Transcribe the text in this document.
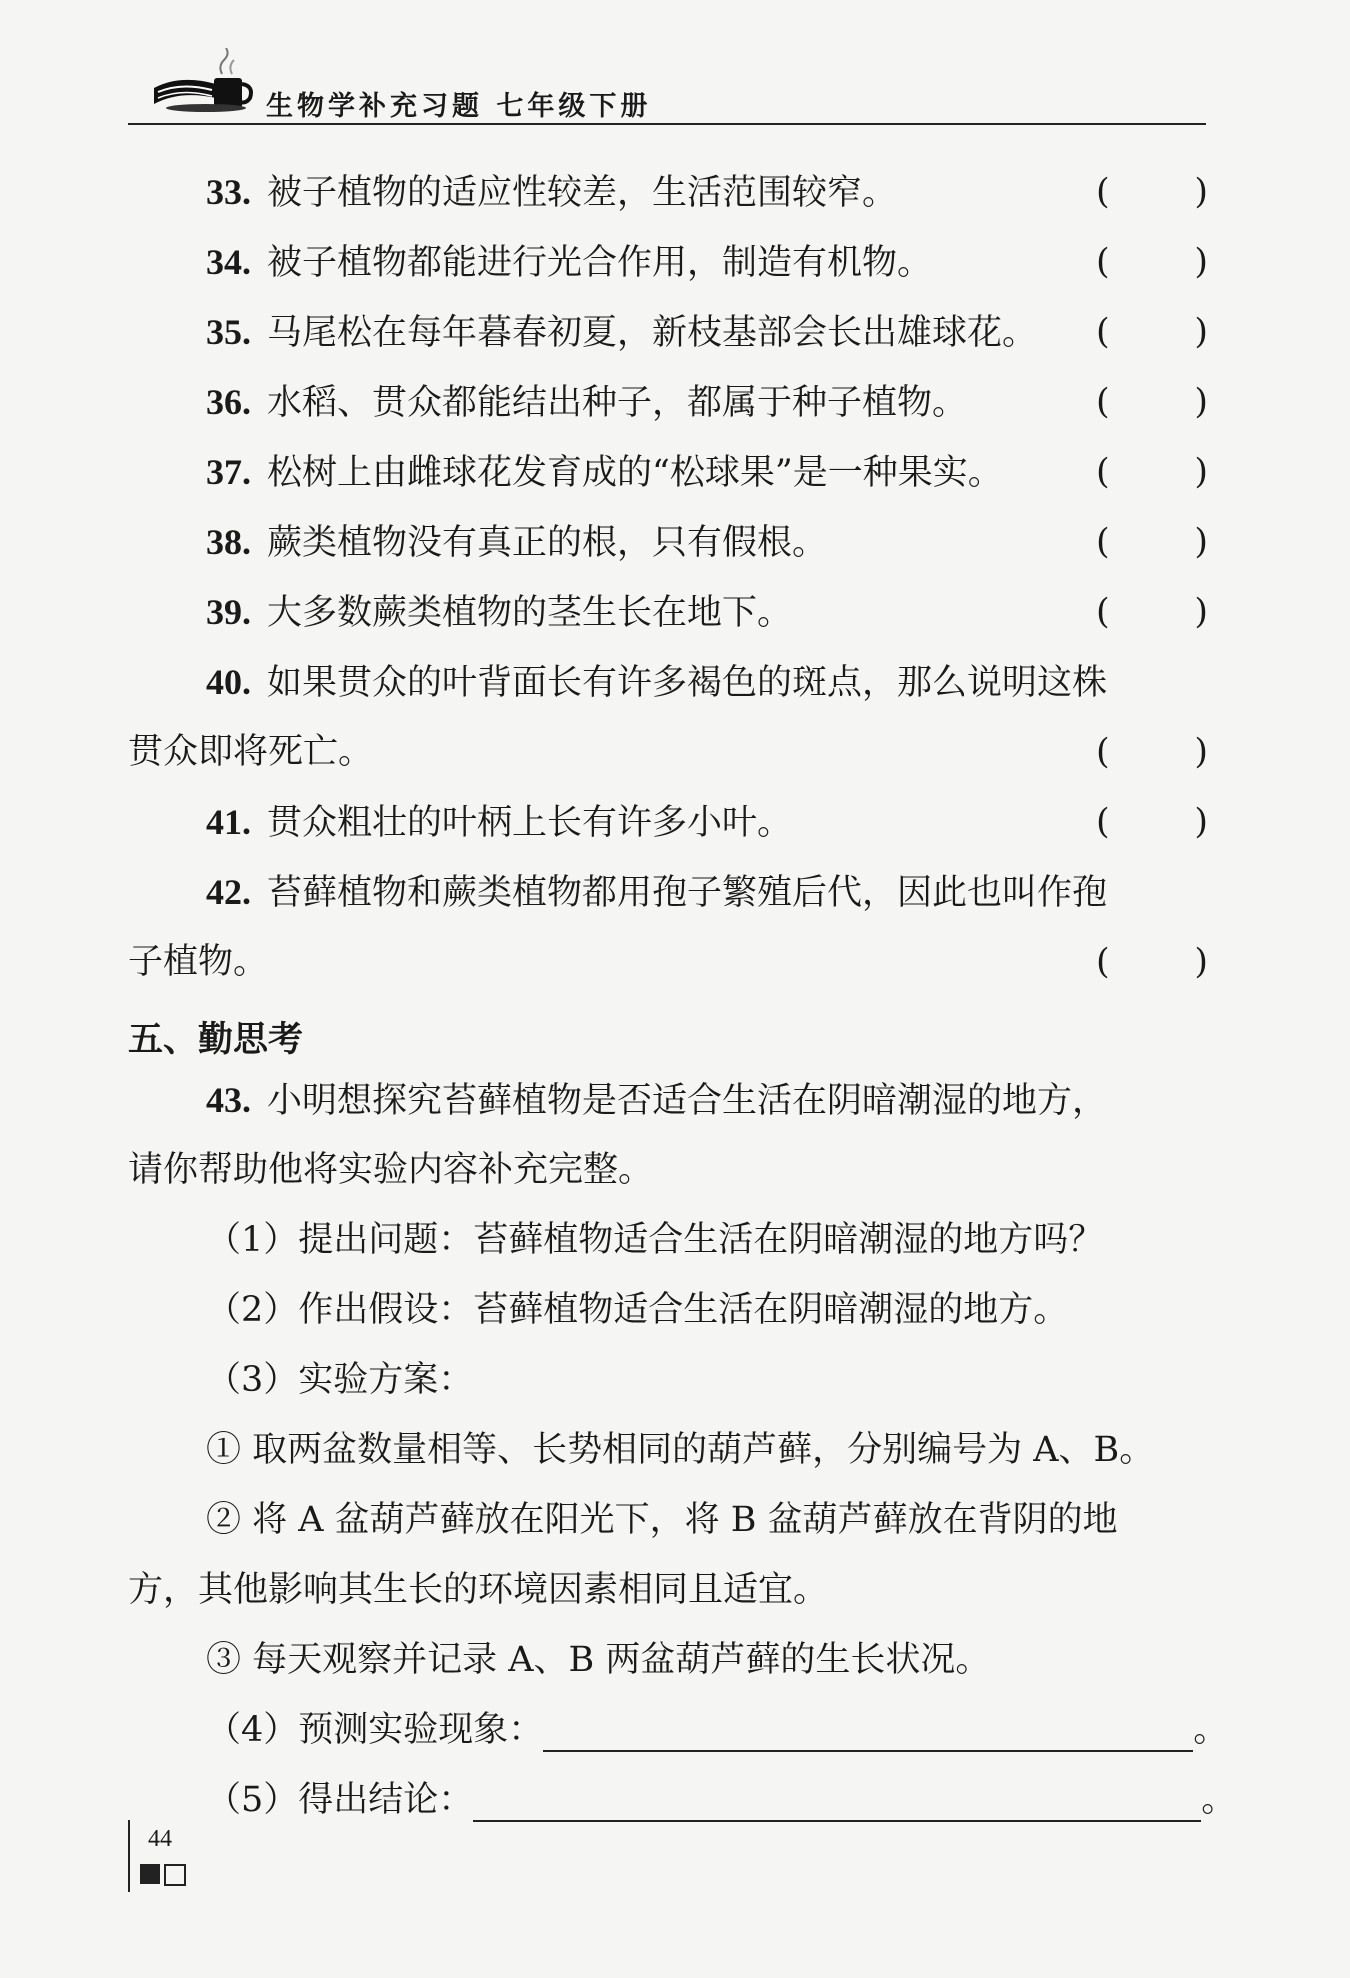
生物学补充习题 七年级下册
33. 被子植物的适应性较差，生活范围较窄。	( )
34. 被子植物都能进行光合作用，制造有机物。	( )
35. 马尾松在每年暮春初夏，新枝基部会长出雄球花。 ( )
36. 水稻、贯众都能结出种子，都属于种子植物。	( )
37. 松树上由雌球花发育成的“松球果”是一种果实。	( )
38. 蕨类植物没有真正的根，只有假根。	( )
39. 大多数蕨类植物的茎生长在地下。	( )
40. 如果贯众的叶背面长有许多褐色的斑点，那么说明这株
贯众即将死亡。	( )
41. 贯众粗壮的叶柄上长有许多小叶。	( )
42. 苔藓植物和蕨类植物都用孢子繁殖后代，因此也叫作孢
子植物。	( )
五、勤思考
43. 小明想探究苔藓植物是否适合生活在阴暗潮湿的地方，
请你帮助他将实验内容补充完整。
（1）提出问题：苔藓植物适合生活在阴暗潮湿的地方吗？
（2）作出假设：苔藓植物适合生活在阴暗潮湿的地方。
（3）实验方案：
① 取两盆数量相等、长势相同的葫芦藓，分别编号为 A、B。
② 将 A 盆葫芦藓放在阳光下，将 B 盆葫芦藓放在背阴的地
方，其他影响其生长的环境因素相同且适宜。
③ 每天观察并记录 A、B 两盆葫芦藓的生长状况。
（4）预测实验现象：	。
（5）得出结论：	。
44
